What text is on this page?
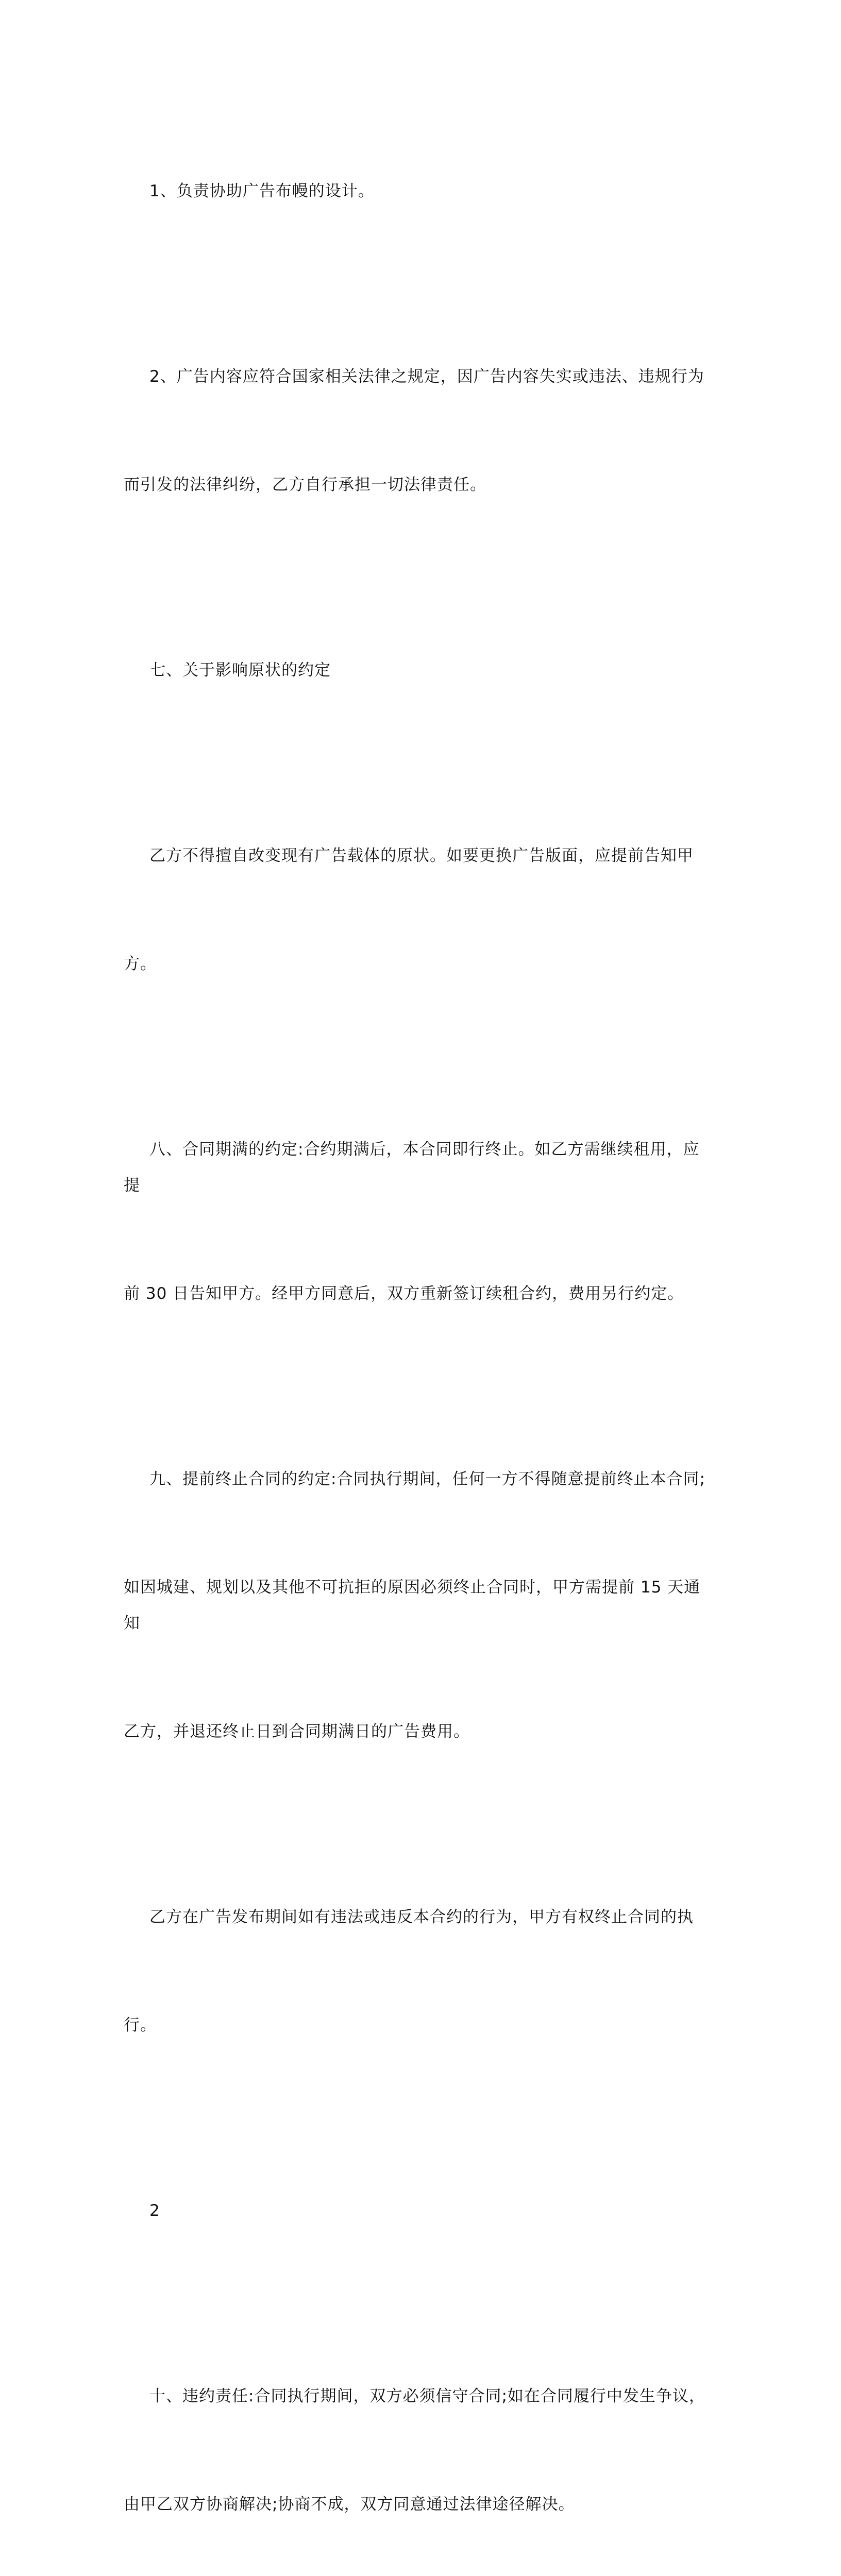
1、负责协助广告布幔的设计。

2、广告内容应符合国家相关法律之规定，因广告内容失实或违法、违规行为

而引发的法律纠纷，乙方自行承担一切法律责任。

七、关于影响原状的约定

乙方不得擅自改变现有广告载体的原状。如要更换广告版面，应提前告知甲

方。

八、合同期满的约定:合约期满后，本合同即行终止。如乙方需继续租用，应提

前 30 日告知甲方。经甲方同意后，双方重新签订续租合约，费用另行约定。

九、提前终止合同的约定:合同执行期间，任何一方不得随意提前终止本合同;

如因城建、规划以及其他不可抗拒的原因必须终止合同时，甲方需提前 15 天通知

乙方，并退还终止日到合同期满日的广告费用。

乙方在广告发布期间如有违法或违反本合约的行为，甲方有权终止合同的执

行。

2

十、违约责任:合同执行期间，双方必须信守合同;如在合同履行中发生争议，

由甲乙双方协商解决;协商不成，双方同意通过法律途径解决。
